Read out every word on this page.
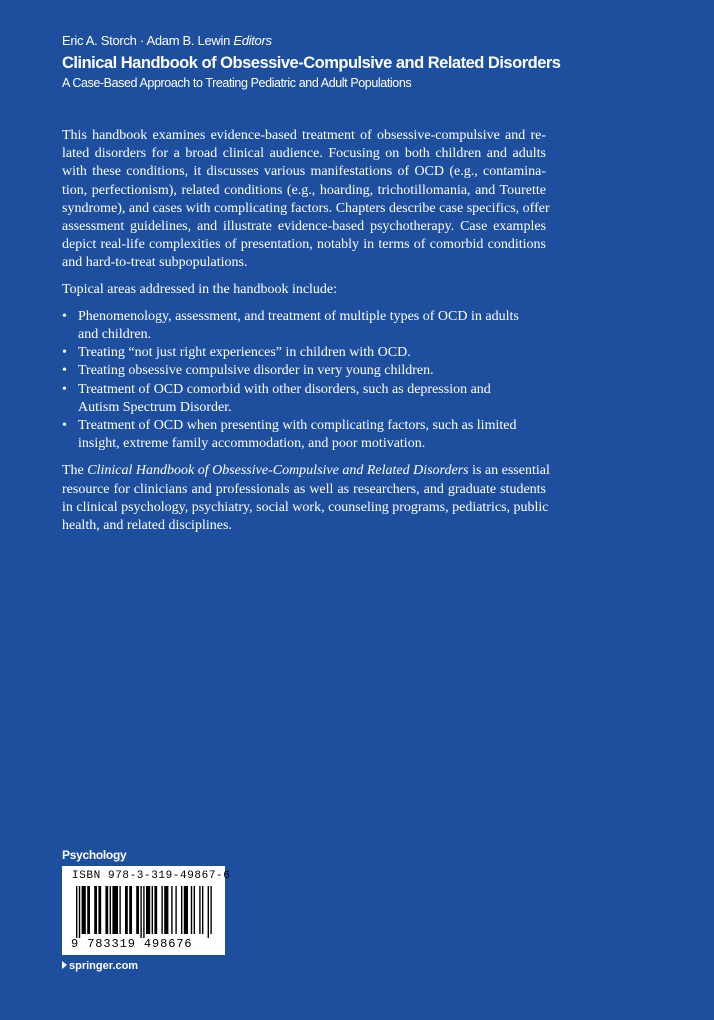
Eric A. Storch · Adam B. Lewin Editors
Clinical Handbook of Obsessive-Compulsive and Related Disorders
A Case-Based Approach to Treating Pediatric and Adult Populations

This handbook examines evidence-based treatment of obsessive-compulsive and re-
lated disorders for a broad clinical audience. Focusing on both children and adults
with these conditions, it discusses various manifestations of OCD (e.g., contamina-
tion, perfectionism), related conditions (e.g., hoarding, trichotillomania, and Tourette
syndrome), and cases with complicating factors. Chapters describe case specifics, offer
assessment guidelines, and illustrate evidence-based psychotherapy. Case examples
depict real-life complexities of presentation, notably in terms of comorbid conditions
and hard-to-treat subpopulations.

Topical areas addressed in the handbook include:

• Phenomenology, assessment, and treatment of multiple types of OCD in adults
and children.
• Treating “not just right experiences” in children with OCD.
• Treating obsessive compulsive disorder in very young children.
• Treatment of OCD comorbid with other disorders, such as depression and
Autism Spectrum Disorder.
• Treatment of OCD when presenting with complicating factors, such as limited
insight, extreme family accommodation, and poor motivation.

The Clinical Handbook of Obsessive-Compulsive and Related Disorders is an essential
resource for clinicians and professionals as well as researchers, and graduate students
in clinical psychology, psychiatry, social work, counseling programs, pediatrics, public
health, and related disciplines.

Psychology
ISBN 978-3-319-49867-6
9 783319 498676
springer.com
